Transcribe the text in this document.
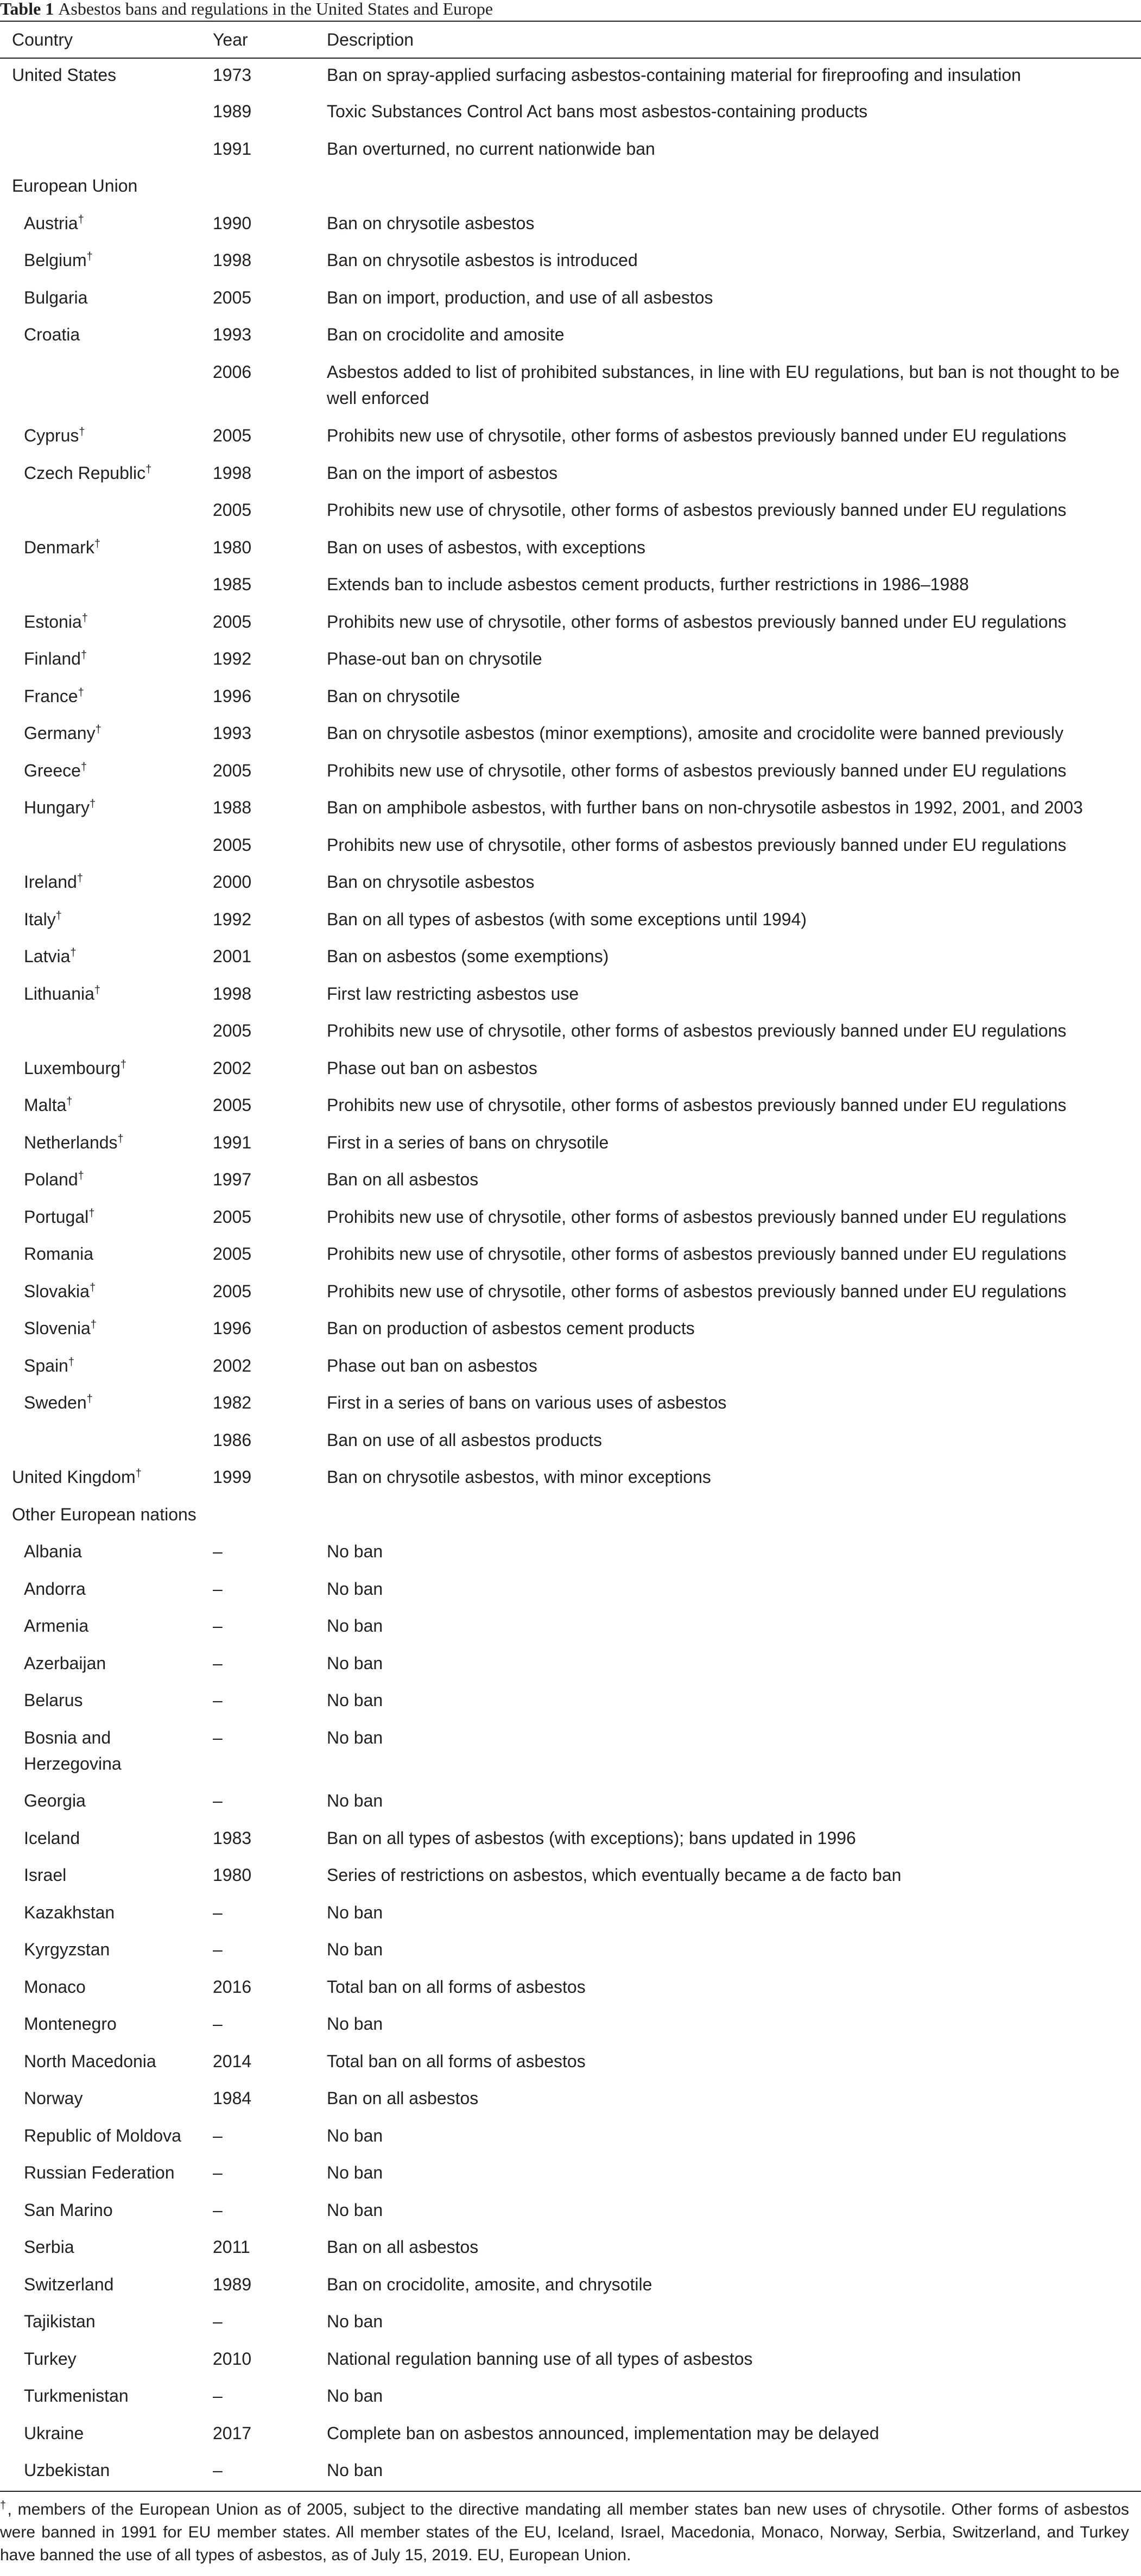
Table 1 Asbestos bans and regulations in the United States and Europe
Country	Year	Description
United States	1973	Ban on spray-applied surfacing asbestos-containing material for fireproofing and insulation
	1989	Toxic Substances Control Act bans most asbestos-containing products
	1991	Ban overturned, no current nationwide ban
European Union		
Austria†	1990	Ban on chrysotile asbestos
Belgium†	1998	Ban on chrysotile asbestos is introduced
Bulgaria	2005	Ban on import, production, and use of all asbestos
Croatia	1993	Ban on crocidolite and amosite
	2006	Asbestos added to list of prohibited substances, in line with EU regulations, but ban is not thought to be well enforced
Cyprus†	2005	Prohibits new use of chrysotile, other forms of asbestos previously banned under EU regulations
Czech Republic†	1998	Ban on the import of asbestos
	2005	Prohibits new use of chrysotile, other forms of asbestos previously banned under EU regulations
Denmark†	1980	Ban on uses of asbestos, with exceptions
	1985	Extends ban to include asbestos cement products, further restrictions in 1986–1988
Estonia†	2005	Prohibits new use of chrysotile, other forms of asbestos previously banned under EU regulations
Finland†	1992	Phase-out ban on chrysotile
France†	1996	Ban on chrysotile
Germany†	1993	Ban on chrysotile asbestos (minor exemptions), amosite and crocidolite were banned previously
Greece†	2005	Prohibits new use of chrysotile, other forms of asbestos previously banned under EU regulations
Hungary†	1988	Ban on amphibole asbestos, with further bans on non-chrysotile asbestos in 1992, 2001, and 2003
	2005	Prohibits new use of chrysotile, other forms of asbestos previously banned under EU regulations
Ireland†	2000	Ban on chrysotile asbestos
Italy†	1992	Ban on all types of asbestos (with some exceptions until 1994)
Latvia†	2001	Ban on asbestos (some exemptions)
Lithuania†	1998	First law restricting asbestos use
	2005	Prohibits new use of chrysotile, other forms of asbestos previously banned under EU regulations
Luxembourg†	2002	Phase out ban on asbestos
Malta†	2005	Prohibits new use of chrysotile, other forms of asbestos previously banned under EU regulations
Netherlands†	1991	First in a series of bans on chrysotile
Poland†	1997	Ban on all asbestos
Portugal†	2005	Prohibits new use of chrysotile, other forms of asbestos previously banned under EU regulations
Romania	2005	Prohibits new use of chrysotile, other forms of asbestos previously banned under EU regulations
Slovakia†	2005	Prohibits new use of chrysotile, other forms of asbestos previously banned under EU regulations
Slovenia†	1996	Ban on production of asbestos cement products
Spain†	2002	Phase out ban on asbestos
Sweden†	1982	First in a series of bans on various uses of asbestos
	1986	Ban on use of all asbestos products
United Kingdom†	1999	Ban on chrysotile asbestos, with minor exceptions
Other European nations		
Albania	–	No ban
Andorra	–	No ban
Armenia	–	No ban
Azerbaijan	–	No ban
Belarus	–	No ban
Bosnia and Herzegovina	–	No ban
Georgia	–	No ban
Iceland	1983	Ban on all types of asbestos (with exceptions); bans updated in 1996
Israel	1980	Series of restrictions on asbestos, which eventually became a de facto ban
Kazakhstan	–	No ban
Kyrgyzstan	–	No ban
Monaco	2016	Total ban on all forms of asbestos
Montenegro	–	No ban
North Macedonia	2014	Total ban on all forms of asbestos
Norway	1984	Ban on all asbestos
Republic of Moldova	–	No ban
Russian Federation	–	No ban
San Marino	–	No ban
Serbia	2011	Ban on all asbestos
Switzerland	1989	Ban on crocidolite, amosite, and chrysotile
Tajikistan	–	No ban
Turkey	2010	National regulation banning use of all types of asbestos
Turkmenistan	–	No ban
Ukraine	2017	Complete ban on asbestos announced, implementation may be delayed
Uzbekistan	–	No ban
†, members of the European Union as of 2005, subject to the directive mandating all member states ban new uses of chrysotile. Other forms of asbestos were banned in 1991 for EU member states. All member states of the EU, Iceland, Israel, Macedonia, Monaco, Norway, Serbia, Switzerland, and Turkey have banned the use of all types of asbestos, as of July 15, 2019. EU, European Union.
